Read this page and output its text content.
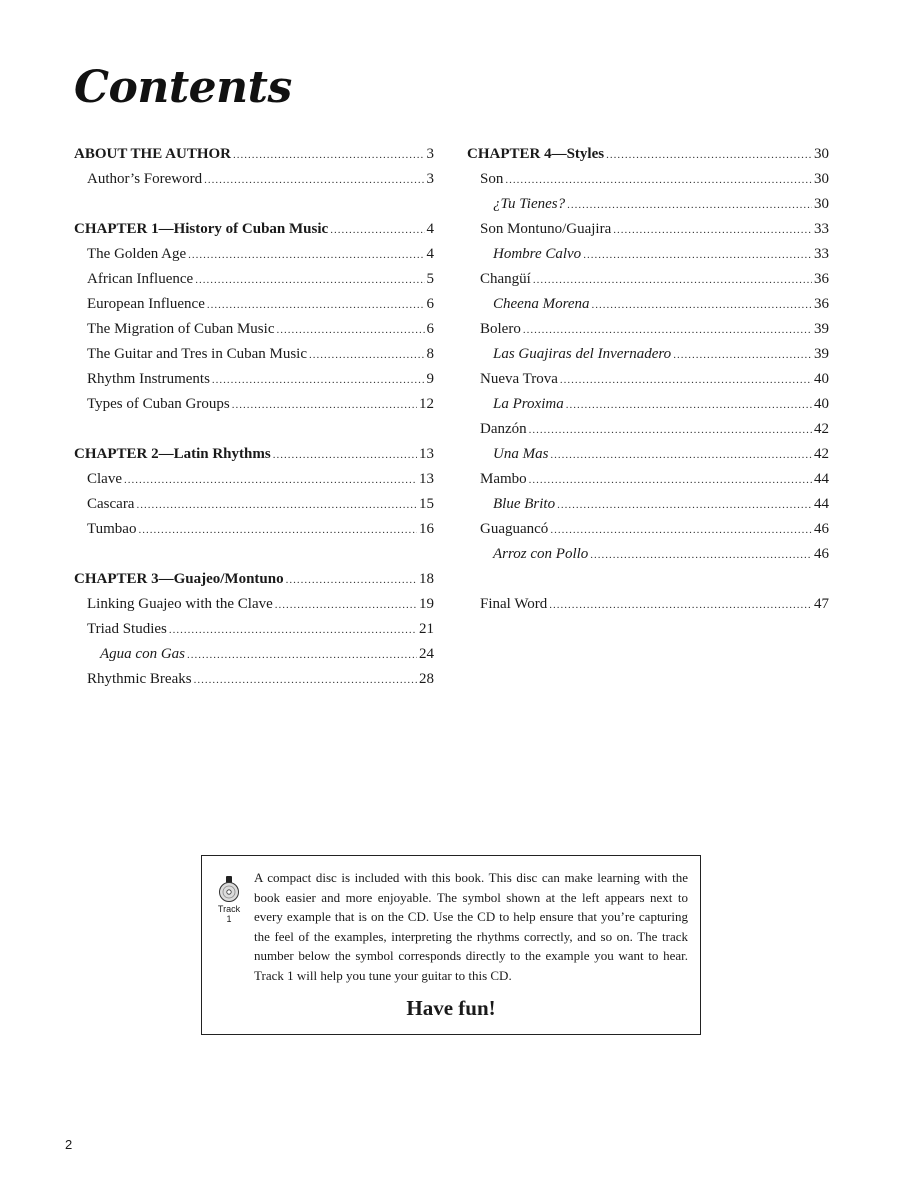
Contents
ABOUT THE AUTHOR .....	3
Author’s Foreword .....	3
CHAPTER 1—History of Cuban Music .....	4
The Golden Age .....	4
African Influence .....	5
European Influence .....	6
The Migration of Cuban Music .....	6
The Guitar and Tres in Cuban Music .....	8
Rhythm Instruments .....	9
Types of Cuban Groups .....	12
CHAPTER 2—Latin Rhythms .....	13
Clave .....	13
Cascara .....	15
Tumbao .....	16
CHAPTER 3—Guajeo/Montuno .....	18
Linking Guajeo with the Clave .....	19
Triad Studies .....	21
Agua con Gas .....	24
Rhythmic Breaks .....	28
CHAPTER 4—Styles .....	30
Son .....	30
¿Tu Tienes? .....	30
Son Montuno/Guajira .....	33
Hombre Calvo .....	33
Changüí .....	36
Cheena Morena .....	36
Bolero .....	39
Las Guajiras del Invernadero .....	39
Nueva Trova .....	40
La Proxima .....	40
Danzón .....	42
Una Mas .....	42
Mambo .....	44
Blue Brito .....	44
Guaguancó .....	46
Arroz con Pollo .....	46
Final Word .....	47
Track
1

A compact disc is included with this book. This disc can make learning with the book easier and more enjoyable. The symbol shown at the left appears next to every example that is on the CD. Use the CD to help ensure that you’re capturing the feel of the examples, interpreting the rhythms correctly, and so on. The track number below the symbol corresponds directly to the example you want to hear. Track 1 will help you tune your guitar to this CD.

Have fun!
2
